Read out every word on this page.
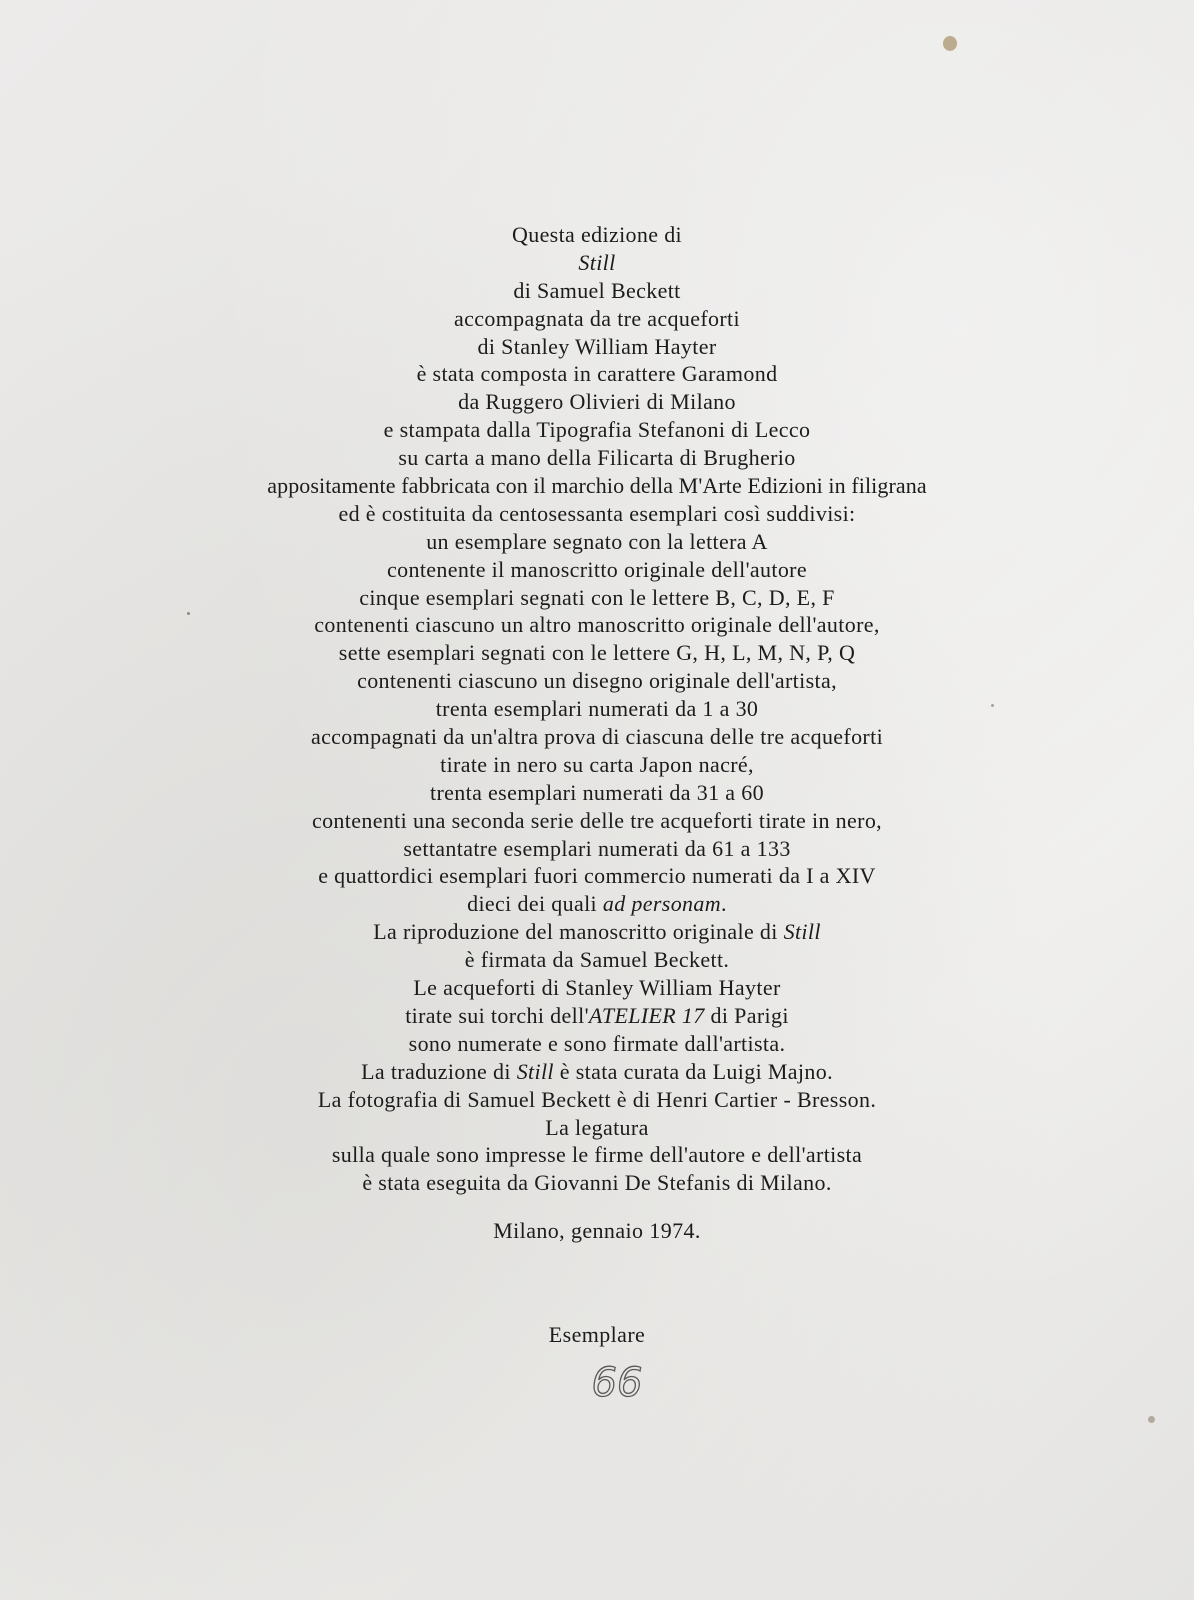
Questa edizione di
Still
di Samuel Beckett
accompagnata da tre acqueforti
di Stanley William Hayter
è stata composta in carattere Garamond
da Ruggero Olivieri di Milano
e stampata dalla Tipografia Stefanoni di Lecco
su carta a mano della Filicarta di Brugherio
appositamente fabbricata con il marchio della M'Arte Edizioni in filigrana
ed è costituita da centosessanta esemplari così suddivisi:
un esemplare segnato con la lettera A
contenente il manoscritto originale dell'autore
cinque esemplari segnati con le lettere B, C, D, E, F
contenenti ciascuno un altro manoscritto originale dell'autore,
sette esemplari segnati con le lettere G, H, L, M, N, P, Q
contenenti ciascuno un disegno originale dell'artista,
trenta esemplari numerati da 1 a 30
accompagnati da un'altra prova di ciascuna delle tre acqueforti
tirate in nero su carta Japon nacré,
trenta esemplari numerati da 31 a 60
contenenti una seconda serie delle tre acqueforti tirate in nero,
settantatre esemplari numerati da 61 a 133
e quattordici esemplari fuori commercio numerati da I a XIV
dieci dei quali ad personam.
La riproduzione del manoscritto originale di Still
è firmata da Samuel Beckett.
Le acqueforti di Stanley William Hayter
tirate sui torchi dell'ATELIER 17 di Parigi
sono numerate e sono firmate dall'artista.
La traduzione di Still è stata curata da Luigi Majno.
La fotografia di Samuel Beckett è di Henri Cartier - Bresson.
La legatura
sulla quale sono impresse le firme dell'autore e dell'artista
è stata eseguita da Giovanni De Stefanis di Milano.
Milano, gennaio 1974.
Esemplare
66
